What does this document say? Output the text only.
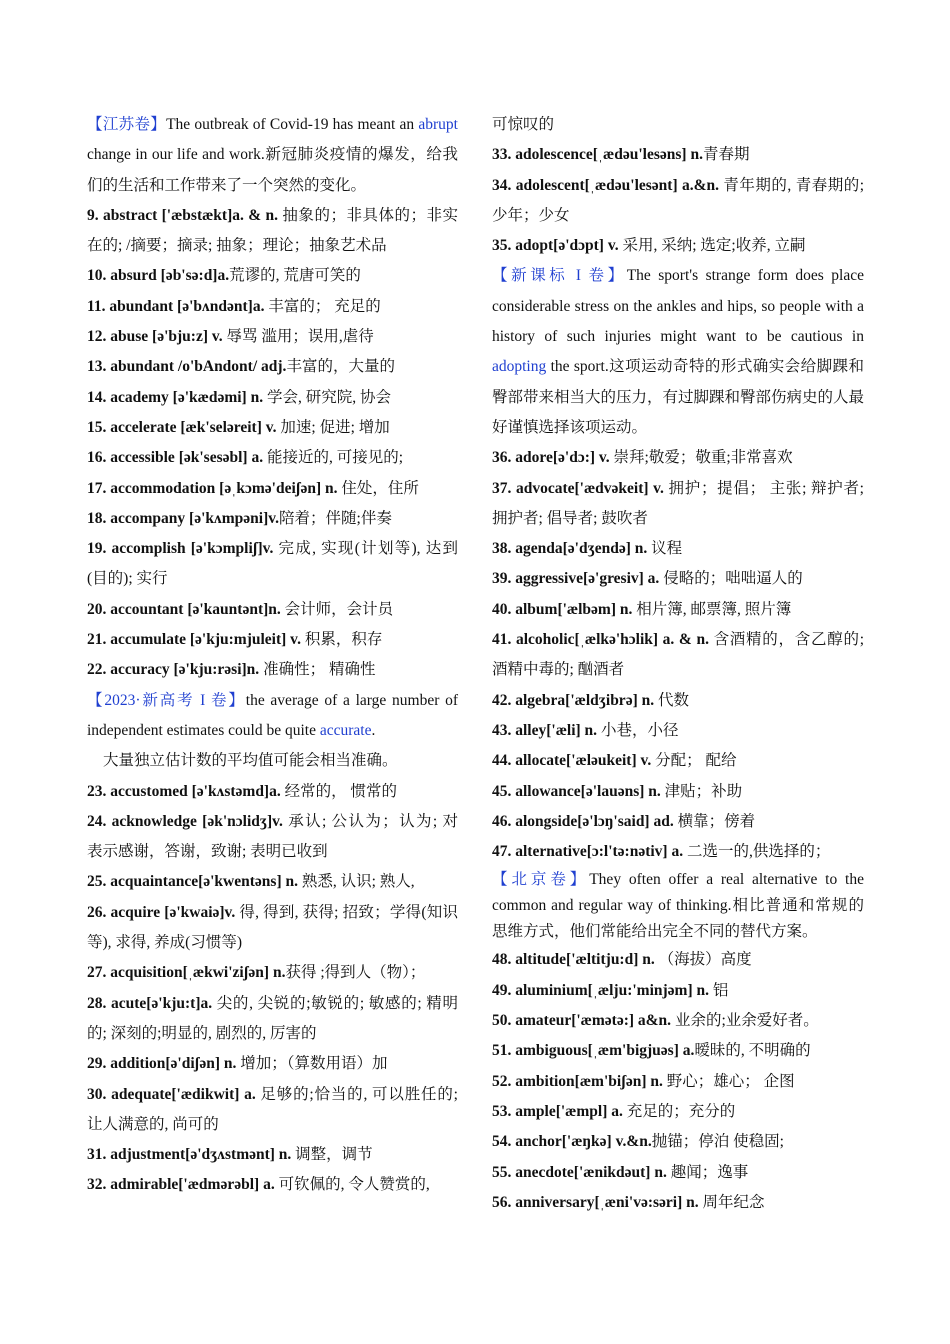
【江苏卷】The outbreak of Covid-19 has meant an abrupt change in our life and work.新冠肺炎疫情的爆发，给我们的生活和工作带来了一个突然的变化。

9. abstract ['æbstækt]a. & n. 抽象的；非具体的；非实在的; /摘要；摘录; 抽象；理论；抽象艺术品

10. absurd [əb'sə:d]a.荒谬的, 荒唐可笑的

11. abundant [ə'bʌndənt]a. 丰富的； 充足的

12. abuse [ə'bju:z] v. 辱骂 滥用；误用,虐待

13. abundant /o'bAndont/ adj.丰富的，大量的

14. academy [ə'kædəmi] n. 学会, 研究院, 协会

15. accelerate [æk'seləreit] v. 加速; 促进; 增加

16. accessible [ək'sesəbl] a. 能接近的, 可接见的;

17. accommodation [əˌkɔmə'deiʃən] n. 住处，住所

18. accompany [ə'kʌmpəni]v.陪着；伴随;伴奏

19. accomplish [ə'kɔmpliʃ]v. 完成, 实现(计划等), 达到(目的); 实行

20. accountant [ə'kauntənt]n. 会计师，会计员

21. accumulate [ə'kju:mjuleit] v. 积累，积存

22. accuracy [ə'kju:rəsi]n. 准确性； 精确性

【2023·新高考 I 卷】the average of a large number of independent estimates could be quite accurate.

大量独立估计数的平均值可能会相当准确。

23. accustomed [ə'kʌstəmd]a. 经常的， 惯常的

24. acknowledge [ək'nɔlidʒ]v. 承认; 公认为；认为; 对 表示感谢，答谢，致谢; 表明已收到

25. acquaintance[ə'kwentəns] n. 熟悉, 认识; 熟人,

26. acquire [ə'kwaiə]v. 得, 得到, 获得; 招致；学得(知识等), 求得, 养成(习惯等)

27. acquisition[ˌækwi'ziʃən] n.获得 ;得到人（物）；

28. acute[ə'kju:t]a. 尖的, 尖锐的;敏锐的; 敏感的; 精明的; 深刻的;明显的, 剧烈的, 厉害的

29. addition[ə'diʃən] n. 增加；（算数用语）加

30. adequate['ædikwit] a. 足够的;恰当的, 可以胜任的;让人满意的, 尚可的

31. adjustment[ə'dʒʌstmənt] n. 调整，调节

32. admirable['ædmərəbl] a. 可钦佩的, 令人赞赏的,

可惊叹的

33. adolescence[ˌædəu'lesəns] n.青春期

34. adolescent[ˌædəu'lesənt] a.&n. 青年期的, 青春期的; 少年；少女

35. adopt[ə'dɔpt] v. 采用, 采纳; 选定;收养, 立嗣

【新课标 I 卷】The sport's strange form does place considerable stress on the ankles and hips, so people with a history of such injuries might want to be cautious in adopting the sport.这项运动奇特的形式确实会给脚踝和臀部带来相当大的压力，有过脚踝和臀部伤病史的人最好谨慎选择该项运动。

36. adore[ə'dɔ:] v. 崇拜;敬爱；敬重;非常喜欢

37. advocate['ædvəkeit] v. 拥护；提倡； 主张; 辩护者; 拥护者; 倡导者; 鼓吹者

38. agenda[ə'dʒendə] n. 议程

39. aggressive[ə'gresiv] a. 侵略的；咄咄逼人的

40. album['ælbəm] n. 相片簿, 邮票簿, 照片簿

41. alcoholic[ˌælkə'hɔlik] a. & n. 含酒精的，含乙醇的;酒精中毒的; 酗酒者

42. algebra['ældʒibrə] n. 代数

43. alley['æli] n. 小巷，小径

44. allocate['æləukeit] v. 分配； 配给

45. allowance[ə'lauəns] n. 津贴；补助

46. alongside[ə'lɔŋ'said] ad. 横靠；傍着

47. alternative[ɔ:l'tə:nətiv] a. 二选一的,供选择的；

【北京卷】They often offer a real alternative to the common and regular way of thinking.相比普通和常规的思维方式，他们常能给出完全不同的替代方案。

48. altitude['æltitju:d] n. （海拔）高度

49. aluminium[ˌælju:'minjəm] n. 铝

50. amateur['æmətə:] a&n. 业余的;业余爱好者。

51. ambiguous[ˌæm'bigjuəs] a.暧昧的, 不明确的

52. ambition[æm'biʃən] n. 野心；雄心； 企图

53. ample['æmpl] a. 充足的；充分的

54. anchor['æŋkə] v.&n.抛锚；停泊 使稳固;

55. anecdote['ænikdəut] n. 趣闻；逸事

56. anniversary[ˌæni'və:səri] n. 周年纪念
